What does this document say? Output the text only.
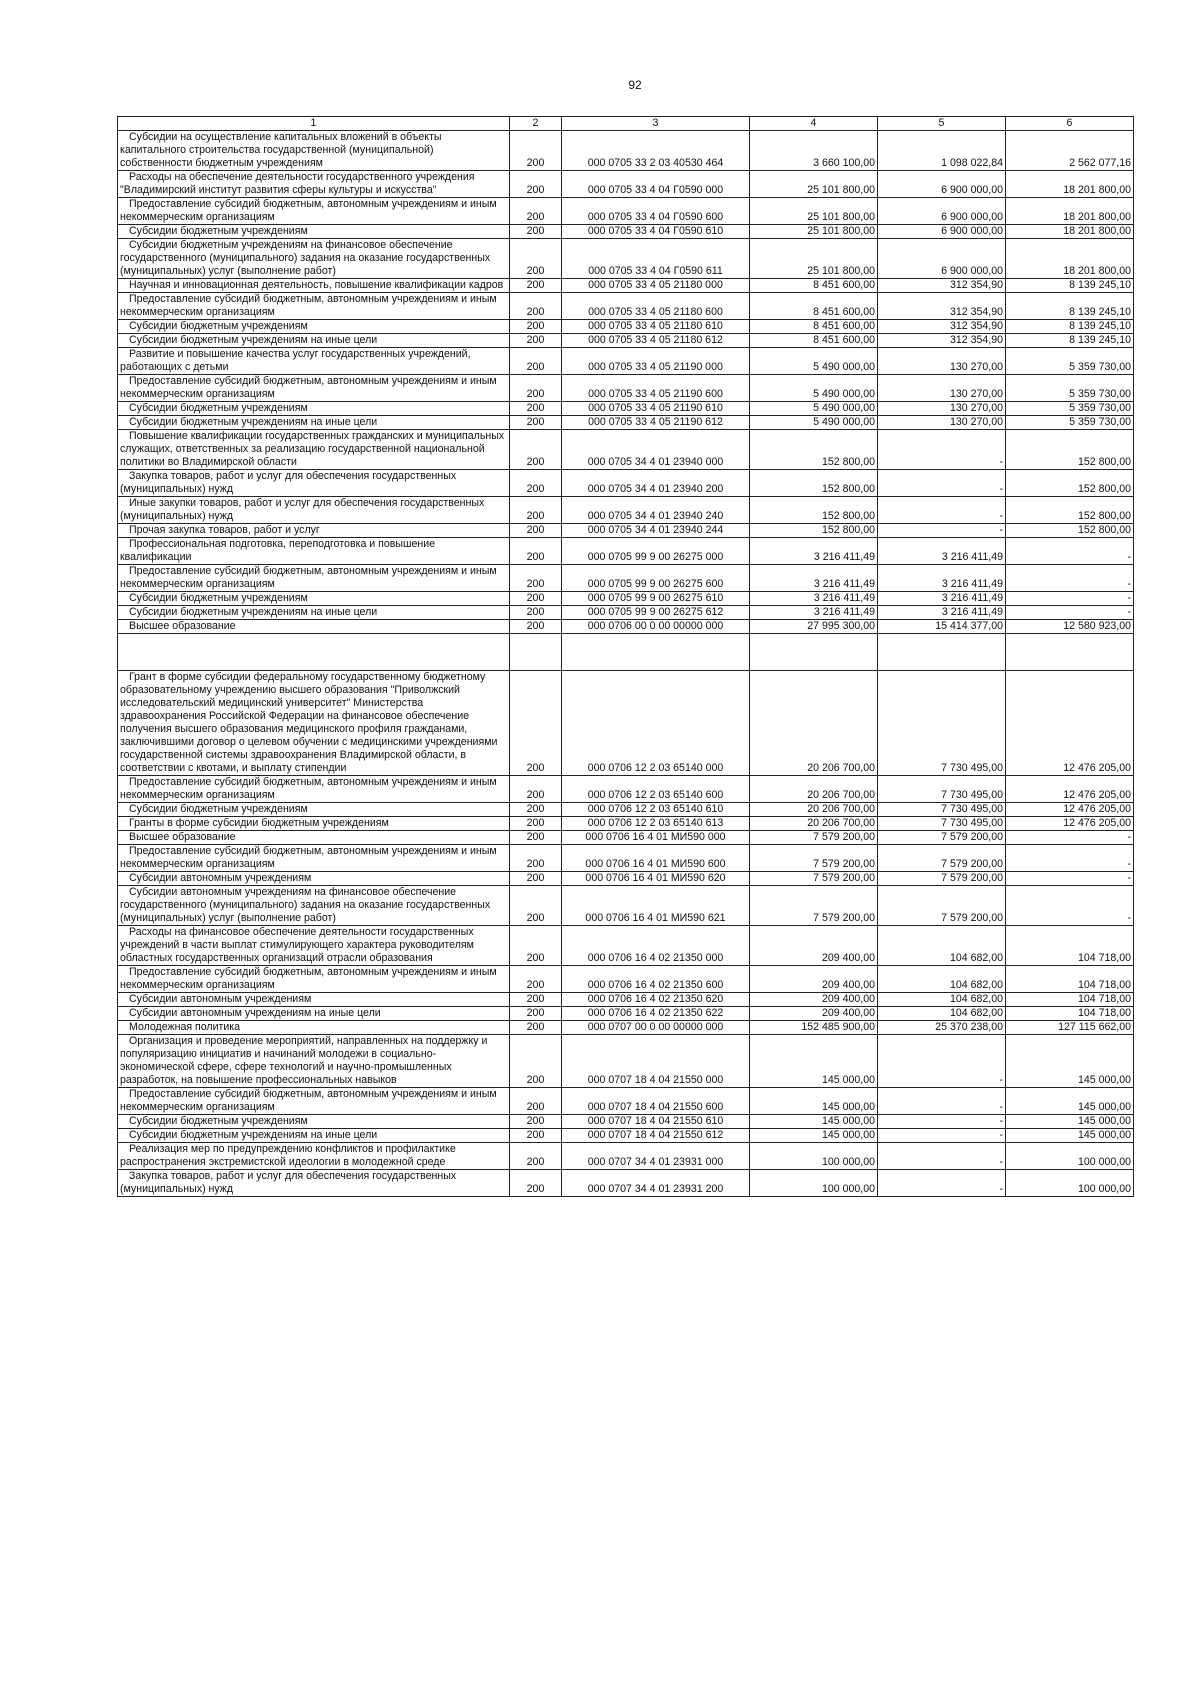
92
1	2	3	4	5	6

Субсидии на осуществление капитальных вложений в объекты капитального строительства государственной (муниципальной) собственности бюджетным учреждениям	200	000 0705 33 2 03 40530 464	3 660 100,00	1 098 022,84	2 562 077,16

Расходы на обеспечение деятельности государственного учреждения "Владимирский институт развития сферы культуры и искусства"	200	000 0705 33 4 04 Г0590 000	25 101 800,00	6 900 000,00	18 201 800,00

Предоставление субсидий бюджетным, автономным учреждениям и иным некоммерческим организациям	200	000 0705 33 4 04 Г0590 600	25 101 800,00	6 900 000,00	18 201 800,00

Субсидии бюджетным учреждениям	200	000 0705 33 4 04 Г0590 610	25 101 800,00	6 900 000,00	18 201 800,00

Субсидии бюджетным учреждениям на финансовое обеспечение государственного (муниципального) задания на оказание государственных (муниципальных) услуг (выполнение работ)	200	000 0705 33 4 04 Г0590 611	25 101 800,00	6 900 000,00	18 201 800,00

Научная и инновационная деятельность, повышение квалификации кадров	200	000 0705 33 4 05 21180 000	8 451 600,00	312 354,90	8 139 245,10

Предоставление субсидий бюджетным, автономным учреждениям и иным некоммерческим организациям	200	000 0705 33 4 05 21180 600	8 451 600,00	312 354,90	8 139 245,10

Субсидии бюджетным учреждениям	200	000 0705 33 4 05 21180 610	8 451 600,00	312 354,90	8 139 245,10

Субсидии бюджетным учреждениям на иные цели	200	000 0705 33 4 05 21180 612	8 451 600,00	312 354,90	8 139 245,10

Развитие и повышение качества услуг государственных учреждений, работающих с детьми	200	000 0705 33 4 05 21190 000	5 490 000,00	130 270,00	5 359 730,00

Предоставление субсидий бюджетным, автономным учреждениям и иным некоммерческим организациям	200	000 0705 33 4 05 21190 600	5 490 000,00	130 270,00	5 359 730,00

Субсидии бюджетным учреждениям	200	000 0705 33 4 05 21190 610	5 490 000,00	130 270,00	5 359 730,00

Субсидии бюджетным учреждениям на иные цели	200	000 0705 33 4 05 21190 612	5 490 000,00	130 270,00	5 359 730,00

Повышение квалификации государственных гражданских и муниципальных служащих, ответственных за реализацию государственной национальной политики во Владимирской области	200	000 0705 34 4 01 23940 000	152 800,00	-	152 800,00

Закупка товаров, работ и услуг для обеспечения государственных (муниципальных) нужд	200	000 0705 34 4 01 23940 200	152 800,00	-	152 800,00

Иные закупки товаров, работ и услуг для обеспечения государственных (муниципальных) нужд	200	000 0705 34 4 01 23940 240	152 800,00	-	152 800,00

Прочая закупка товаров, работ и услуг	200	000 0705 34 4 01 23940 244	152 800,00	-	152 800,00

Профессиональная подготовка, переподготовка и повышение квалификации	200	000 0705 99 9 00 26275 000	3 216 411,49	3 216 411,49	-

Предоставление субсидий бюджетным, автономным учреждениям и иным некоммерческим организациям	200	000 0705 99 9 00 26275 600	3 216 411,49	3 216 411,49	-

Субсидии бюджетным учреждениям	200	000 0705 99 9 00 26275 610	3 216 411,49	3 216 411,49	-

Субсидии бюджетным учреждениям на иные цели	200	000 0705 99 9 00 26275 612	3 216 411,49	3 216 411,49	-

Высшее образование	200	000 0706 00 0 00 00000 000	27 995 300,00	15 414 377,00	12 580 923,00

Грант в форме субсидии федеральному государственному бюджетному образовательному учреждению высшего образования "Приволжский исследовательский медицинский университет" Министерства здравоохранения Российской Федерации на финансовое обеспечение получения высшего образования медицинского профиля гражданами, заключившими договор о целевом обучении с медицинскими учреждениями государственной системы здравоохранения Владимирской области, в соответствии с квотами, и выплату стипендии	200	000 0706 12 2 03 65140 000	20 206 700,00	7 730 495,00	12 476 205,00

Предоставление субсидий бюджетным, автономным учреждениям и иным некоммерческим организациям	200	000 0706 12 2 03 65140 600	20 206 700,00	7 730 495,00	12 476 205,00

Субсидии бюджетным учреждениям	200	000 0706 12 2 03 65140 610	20 206 700,00	7 730 495,00	12 476 205,00

Гранты в форме субсидии бюджетным учреждениям	200	000 0706 12 2 03 65140 613	20 206 700,00	7 730 495,00	12 476 205,00

Высшее образование	200	000 0706 16 4 01 МИ590 000	7 579 200,00	7 579 200,00	-

Предоставление субсидий бюджетным, автономным учреждениям и иным некоммерческим организациям	200	000 0706 16 4 01 МИ590 600	7 579 200,00	7 579 200,00	-

Субсидии автономным учреждениям	200	000 0706 16 4 01 МИ590 620	7 579 200,00	7 579 200,00	-

Субсидии автономным учреждениям на финансовое обеспечение государственного (муниципального) задания на оказание государственных (муниципальных) услуг (выполнение работ)	200	000 0706 16 4 01 МИ590 621	7 579 200,00	7 579 200,00	-

Расходы на финансовое обеспечение деятельности государственных учреждений в части выплат стимулирующего характера руководителям областных государственных организаций отрасли образования	200	000 0706 16 4 02 21350 000	209 400,00	104 682,00	104 718,00

Предоставление субсидий бюджетным, автономным учреждениям и иным некоммерческим организациям	200	000 0706 16 4 02 21350 600	209 400,00	104 682,00	104 718,00

Субсидии автономным учреждениям	200	000 0706 16 4 02 21350 620	209 400,00	104 682,00	104 718,00

Субсидии автономным учреждениям на иные цели	200	000 0706 16 4 02 21350 622	209 400,00	104 682,00	104 718,00

Молодежная политика	200	000 0707 00 0 00 00000 000	152 485 900,00	25 370 238,00	127 115 662,00

Организация и проведение мероприятий, направленных на поддержку и популяризацию инициатив и начинаний молодежи в социально-экономической сфере, сфере технологий и научно-промышленных разработок, на повышение профессиональных навыков	200	000 0707 18 4 04 21550 000	145 000,00	-	145 000,00

Предоставление субсидий бюджетным, автономным учреждениям и иным некоммерческим организациям	200	000 0707 18 4 04 21550 600	145 000,00	-	145 000,00

Субсидии бюджетным учреждениям	200	000 0707 18 4 04 21550 610	145 000,00	-	145 000,00

Субсидии бюджетным учреждениям на иные цели	200	000 0707 18 4 04 21550 612	145 000,00	-	145 000,00

Реализация мер по предупреждению конфликтов и профилактике распространения экстремистской идеологии в молодежной среде	200	000 0707 34 4 01 23931 000	100 000,00	-	100 000,00

Закупка товаров, работ и услуг для обеспечения государственных (муниципальных) нужд	200	000 0707 34 4 01 23931 200	100 000,00	-	100 000,00
